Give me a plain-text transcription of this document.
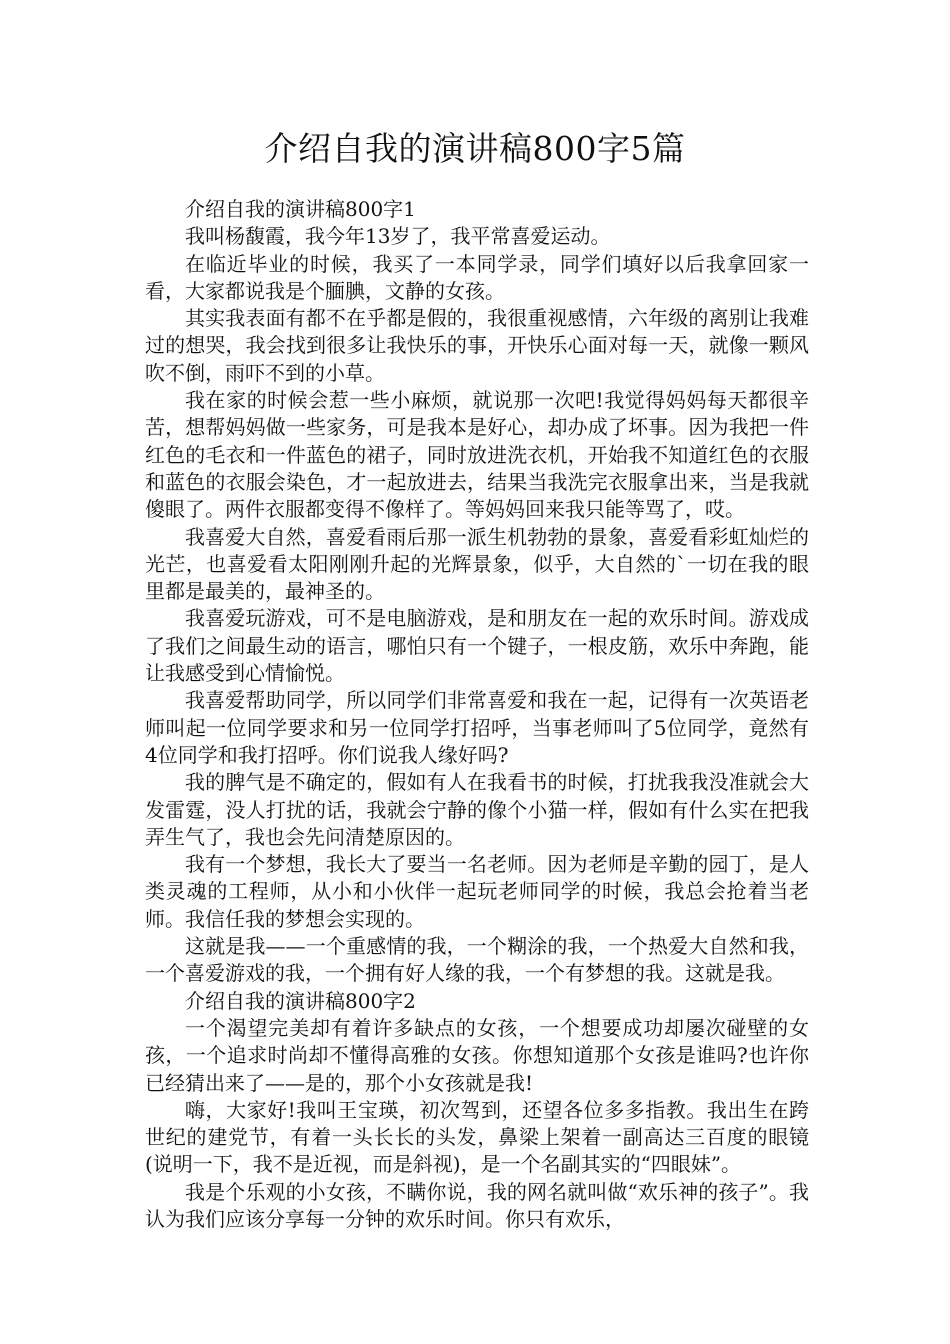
介绍自我的演讲稿800字5篇

介绍自我的演讲稿800字1

我叫杨馥霞，我今年13岁了，我平常喜爱运动。

在临近毕业的时候，我买了一本同学录，同学们填好以后我拿回家一看，大家都说我是个腼腆，文静的女孩。

其实我表面有都不在乎都是假的，我很重视感情，六年级的离别让我难过的想哭，我会找到很多让我快乐的事，开快乐心面对每一天，就像一颗风吹不倒，雨吓不到的小草。

我在家的时候会惹一些小麻烦，就说那一次吧!我觉得妈妈每天都很辛苦，想帮妈妈做一些家务，可是我本是好心，却办成了坏事。因为我把一件红色的毛衣和一件蓝色的裙子，同时放进洗衣机，开始我不知道红色的衣服和蓝色的衣服会染色，才一起放进去，结果当我洗完衣服拿出来，当是我就傻眼了。两件衣服都变得不像样了。等妈妈回来我只能等骂了，哎。

我喜爱大自然，喜爱看雨后那一派生机勃勃的景象，喜爱看彩虹灿烂的光芒，也喜爱看太阳刚刚升起的光辉景象，似乎，大自然的`一切在我的眼里都是最美的，最神圣的。

我喜爱玩游戏，可不是电脑游戏，是和朋友在一起的欢乐时间。游戏成了我们之间最生动的语言，哪怕只有一个键子，一根皮筋，欢乐中奔跑，能让我感受到心情愉悦。

我喜爱帮助同学，所以同学们非常喜爱和我在一起，记得有一次英语老师叫起一位同学要求和另一位同学打招呼，当事老师叫了5位同学，竟然有4位同学和我打招呼。你们说我人缘好吗?

我的脾气是不确定的，假如有人在我看书的时候，打扰我我没准就会大发雷霆，没人打扰的话，我就会宁静的像个小猫一样，假如有什么实在把我弄生气了，我也会先问清楚原因的。

我有一个梦想，我长大了要当一名老师。因为老师是辛勤的园丁，是人类灵魂的工程师，从小和小伙伴一起玩老师同学的时候，我总会抢着当老师。我信任我的梦想会实现的。

这就是我——一个重感情的我，一个糊涂的我，一个热爱大自然和我，一个喜爱游戏的我，一个拥有好人缘的我，一个有梦想的我。这就是我。

介绍自我的演讲稿800字2

一个渴望完美却有着许多缺点的女孩，一个想要成功却屡次碰壁的女孩，一个追求时尚却不懂得高雅的女孩。你想知道那个女孩是谁吗?也许你已经猜出来了——是的，那个小女孩就是我!

嗨，大家好!我叫王宝瑛，初次驾到，还望各位多多指教。我出生在跨世纪的建党节，有着一头长长的头发，鼻梁上架着一副高达三百度的眼镜(说明一下，我不是近视，而是斜视)，是一个名副其实的“四眼妹”。

我是个乐观的小女孩，不瞒你说，我的网名就叫做“欢乐神的孩子”。我认为我们应该分享每一分钟的欢乐时间。你只有欢乐，
